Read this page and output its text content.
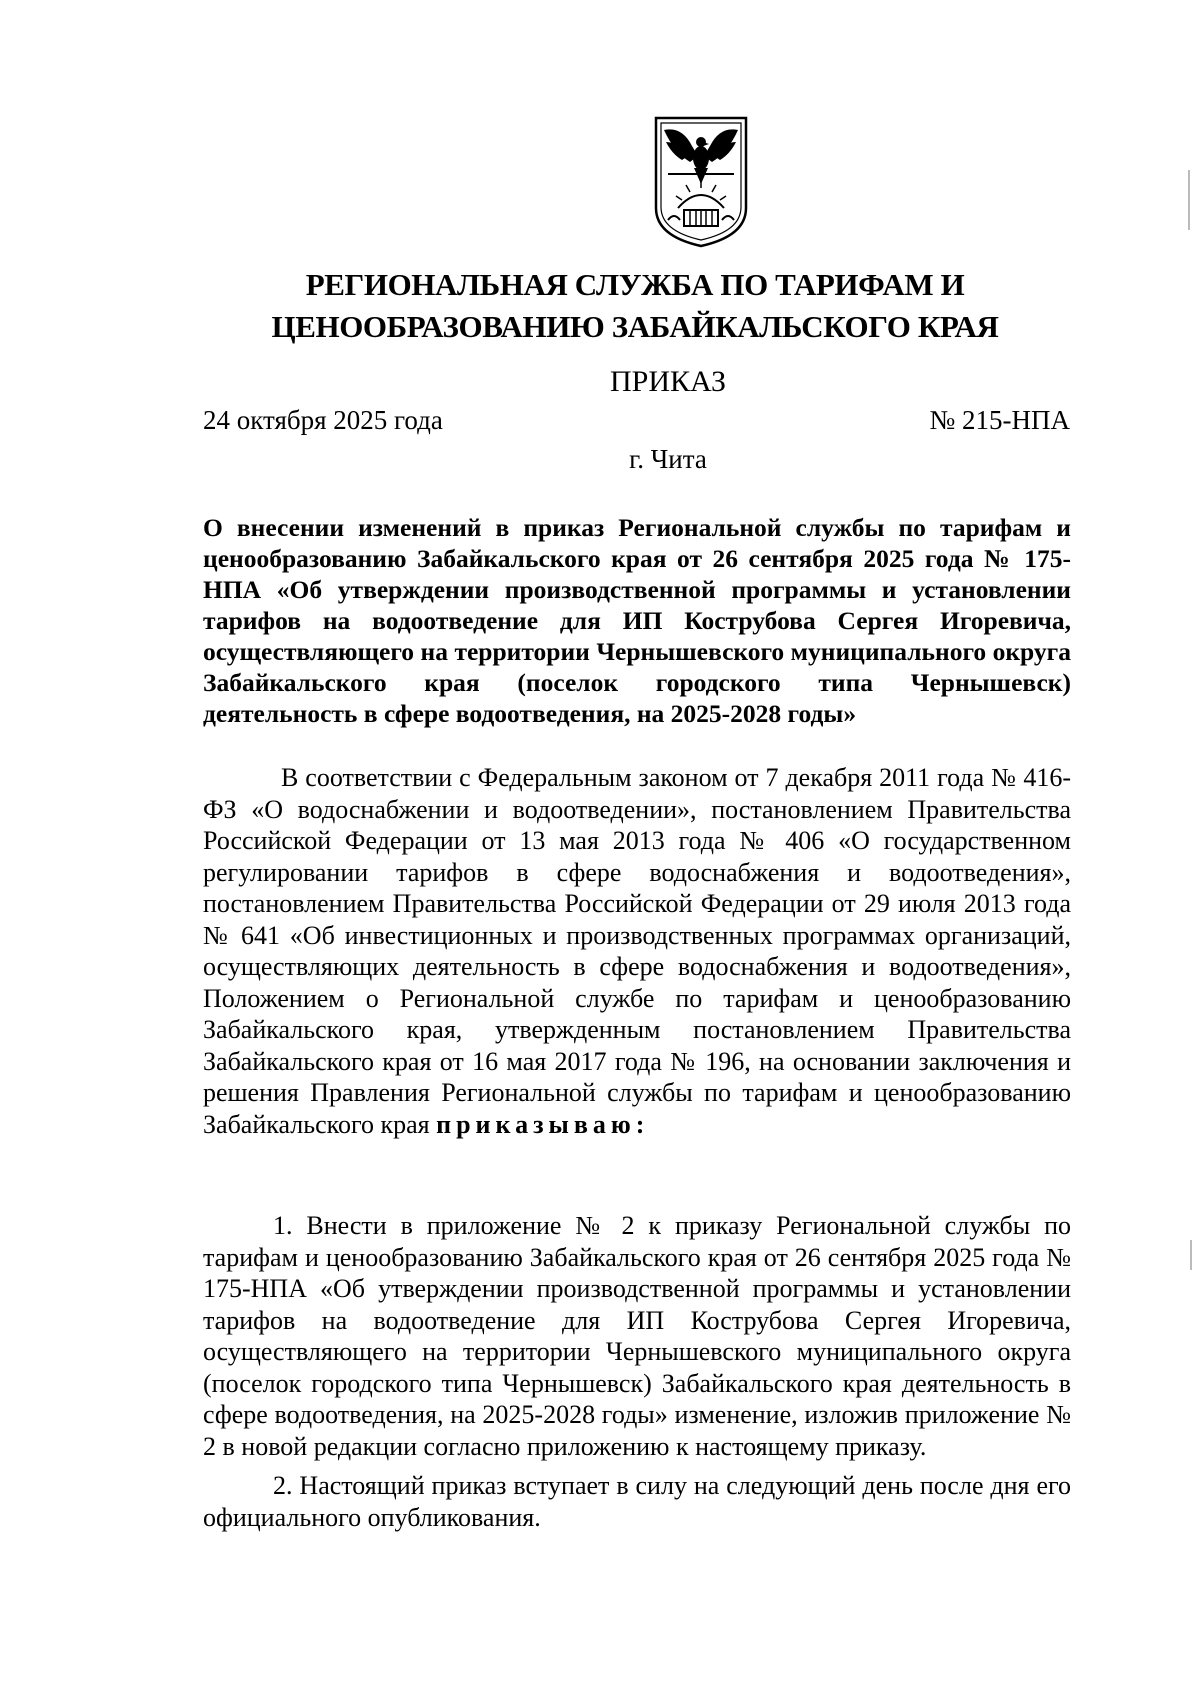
РЕГИОНАЛЬНАЯ СЛУЖБА ПО ТАРИФАМ И
ЦЕНООБРАЗОВАНИЮ ЗАБАЙКАЛЬСКОГО КРАЯ
ПРИКАЗ
24 октября 2025 года	№ 215-НПА
г. Чита
О внесении изменений в приказ Региональной службы по тарифам и ценообразованию Забайкальского края от 26 сентября 2025 года № 175-НПА «Об утверждении производственной программы и установлении тарифов на водоотведение для ИП Кострубова Сергея Игоревича, осуществляющего на территории Чернышевского муниципального округа Забайкальского края (поселок городского типа Чернышевск) деятельность в сфере водоотведения, на 2025-2028 годы»
В соответствии с Федеральным законом от 7 декабря 2011 года № 416-ФЗ «О водоснабжении и водоотведении», постановлением Правительства Российской Федерации от 13 мая 2013 года № 406 «О государственном регулировании тарифов в сфере водоснабжения и водоотведения», постановлением Правительства Российской Федерации от 29 июля 2013 года № 641 «Об инвестиционных и производственных программах организаций, осуществляющих деятельность в сфере водоснабжения и водоотведения», Положением о Региональной службе по тарифам и ценообразованию Забайкальского края, утвержденным постановлением Правительства Забайкальского края от 16 мая 2017 года № 196, на основании заключения и решения Правления Региональной службы по тарифам и ценообразованию Забайкальского края приказываю:
1. Внести в приложение № 2 к приказу Региональной службы по тарифам и ценообразованию Забайкальского края от 26 сентября 2025 года № 175-НПА «Об утверждении производственной программы и установлении тарифов на водоотведение для ИП Кострубова Сергея Игоревича, осуществляющего на территории Чернышевского муниципального округа (поселок городского типа Чернышевск) Забайкальского края деятельность в сфере водоотведения, на 2025-2028 годы» изменение, изложив приложение № 2 в новой редакции согласно приложению к настоящему приказу.
2. Настоящий приказ вступает в силу на следующий день после дня его официального опубликования.
